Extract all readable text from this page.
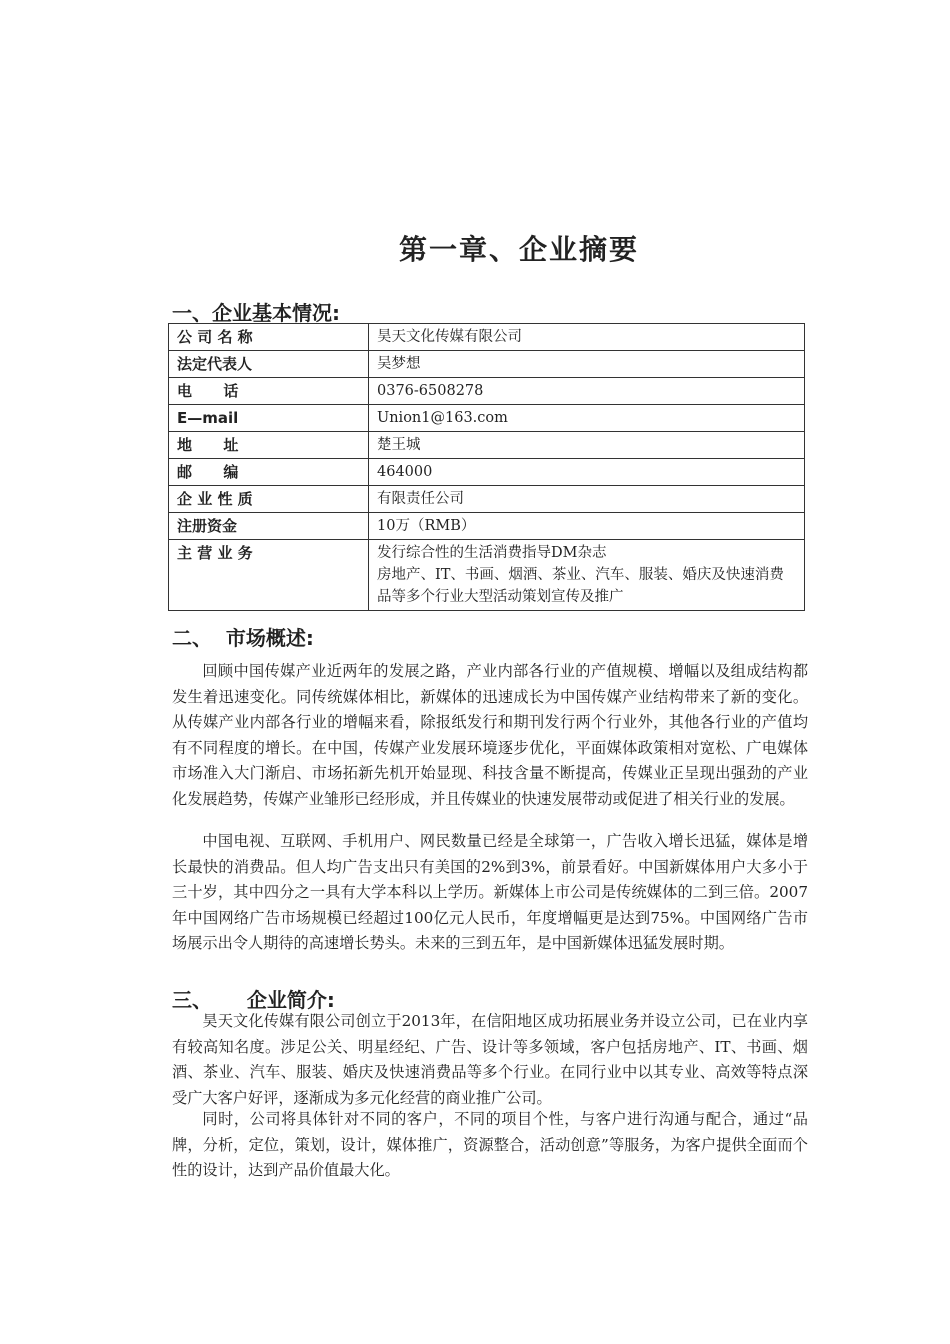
第一章、企业摘要
一、企业基本情况:
公 司 名 称	昊天文化传媒有限公司
法定代表人	吴梦想
电      话	0376-6508278
E—mail	Union1@163.com
地      址	楚王城
邮      编	464000
企 业 性 质	有限责任公司
注册资金	10万（RMB）
主 营 业 务	发行综合性的生活消费指导DM杂志
房地产、IT、书画、烟酒、茶业、汽车、服装、婚庆及快速消费品等多个行业大型活动策划宣传及推广
二、  市场概述:

回顾中国传媒产业近两年的发展之路，产业内部各行业的产值规模、增幅以及组成结构都发生着迅速变化。同传统媒体相比，新媒体的迅速成长为中国传媒产业结构带来了新的变化。从传媒产业内部各行业的增幅来看，除报纸发行和期刊发行两个行业外，其他各行业的产值均有不同程度的增长。在中国，传媒产业发展环境逐步优化，平面媒体政策相对宽松、广电媒体市场准入大门渐启、市场拓新先机开始显现、科技含量不断提高，传媒业正呈现出强劲的产业化发展趋势，传媒产业雏形已经形成，并且传媒业的快速发展带动或促进了相关行业的发展。

中国电视、互联网、手机用户、网民数量已经是全球第一，广告收入增长迅猛，媒体是增长最快的消费品。但人均广告支出只有美国的2%到3%，前景看好。中国新媒体用户大多小于三十岁，其中四分之一具有大学本科以上学历。新媒体上市公司是传统媒体的二到三倍。2007年中国网络广告市场规模已经超过100亿元人民币，年度增幅更是达到75%。中国网络广告市场展示出令人期待的高速增长势头。未来的三到五年，是中国新媒体迅猛发展时期。

三、     企业简介:

昊天文化传媒有限公司创立于2013年，在信阳地区成功拓展业务并设立公司，已在业内享有较高知名度。涉足公关、明星经纪、广告、设计等多领域，客户包括房地产、IT、书画、烟酒、茶业、汽车、服装、婚庆及快速消费品等多个行业。在同行业中以其专业、高效等特点深受广大客户好评，逐渐成为多元化经营的商业推广公司。

同时，公司将具体针对不同的客户，不同的项目个性，与客户进行沟通与配合，通过“品牌，分析，定位，策划，设计，媒体推广，资源整合，活动创意”等服务，为客户提供全面而个性的设计，达到产品价值最大化。
